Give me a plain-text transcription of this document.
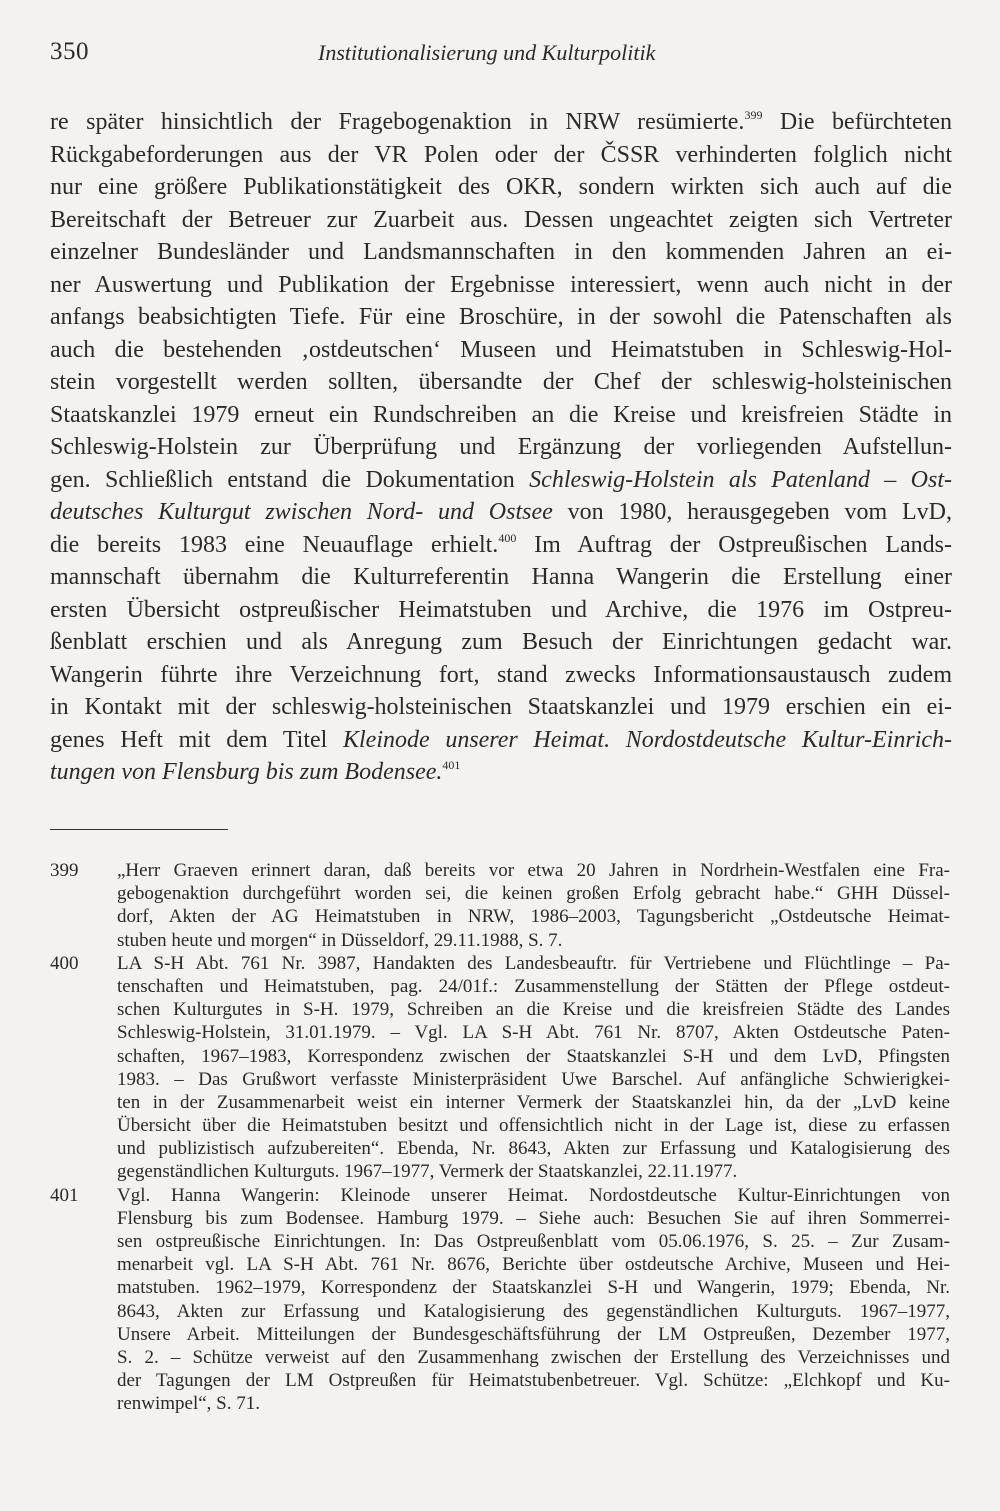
350	Institutionalisierung und Kulturpolitik
re später hinsichtlich der Fragebogenaktion in NRW resümierte.$^{399}$ Die befürchteten
Rückgabeforderungen aus der VR Polen oder der ČSSR verhinderten folglich nicht
nur eine größere Publikationstätigkeit des OKR, sondern wirkten sich auch auf die
Bereitschaft der Betreuer zur Zuarbeit aus. Dessen ungeachtet zeigten sich Vertreter
einzelner Bundesländer und Landsmannschaften in den kommenden Jahren an ei-
ner Auswertung und Publikation der Ergebnisse interessiert, wenn auch nicht in der
anfangs beabsichtigten Tiefe. Für eine Broschüre, in der sowohl die Patenschaften als
auch die bestehenden ‚ostdeutschen‘ Museen und Heimatstuben in Schleswig-Hol-
stein vorgestellt werden sollten, übersandte der Chef der schleswig-holsteinischen
Staatskanzlei 1979 erneut ein Rundschreiben an die Kreise und kreisfreien Städte in
Schleswig-Holstein zur Überprüfung und Ergänzung der vorliegenden Aufstellun-
gen. Schließlich entstand die Dokumentation Schleswig-Holstein als Patenland – Ost-
deutsches Kulturgut zwischen Nord- und Ostsee von 1980, herausgegeben vom LvD,
die bereits 1983 eine Neuauflage erhielt.$^{400}$ Im Auftrag der Ostpreußischen Lands-
mannschaft übernahm die Kulturreferentin Hanna Wangerin die Erstellung einer
ersten Übersicht ostpreußischer Heimatstuben und Archive, die 1976 im Ostpreu-
ßenblatt erschien und als Anregung zum Besuch der Einrichtungen gedacht war.
Wangerin führte ihre Verzeichnung fort, stand zwecks Informationsaustausch zudem
in Kontakt mit der schleswig-holsteinischen Staatskanzlei und 1979 erschien ein ei-
genes Heft mit dem Titel Kleinode unserer Heimat. Nordostdeutsche Kultur-Einrich-
tungen von Flensburg bis zum Bodensee.$^{401}$
399 „Herr Graeven erinnert daran, daß bereits vor etwa 20 Jahren in Nordrhein-Westfalen eine Fra-
gebogenaktion durchgeführt worden sei, die keinen großen Erfolg gebracht habe.“ GHH Düssel-
dorf, Akten der AG Heimatstuben in NRW, 1986–2003, Tagungsbericht „Ostdeutsche Heimat-
stuben heute und morgen“ in Düsseldorf, 29.11.1988, S. 7.
400 LA S-H Abt. 761 Nr. 3987, Handakten des Landesbeauftr. für Vertriebene und Flüchtlinge – Pa-
tenschaften und Heimatstuben, pag. 24/01f.: Zusammenstellung der Stätten der Pflege ostdeut-
schen Kulturgutes in S-H. 1979, Schreiben an die Kreise und die kreisfreien Städte des Landes
Schleswig-Holstein, 31.01.1979. – Vgl. LA S-H Abt. 761 Nr. 8707, Akten Ostdeutsche Paten-
schaften, 1967–1983, Korrespondenz zwischen der Staatskanzlei S-H und dem LvD, Pfingsten
1983. – Das Grußwort verfasste Ministerpräsident Uwe Barschel. Auf anfängliche Schwierigkei-
ten in der Zusammenarbeit weist ein interner Vermerk der Staatskanzlei hin, da der „LvD keine
Übersicht über die Heimatstuben besitzt und offensichtlich nicht in der Lage ist, diese zu erfassen
und publizistisch aufzubereiten“. Ebenda, Nr. 8643, Akten zur Erfassung und Katalogisierung des
gegenständlichen Kulturguts. 1967–1977, Vermerk der Staatskanzlei, 22.11.1977.
401 Vgl. Hanna Wangerin: Kleinode unserer Heimat. Nordostdeutsche Kultur-Einrichtungen von
Flensburg bis zum Bodensee. Hamburg 1979. – Siehe auch: Besuchen Sie auf ihren Sommerrei-
sen ostpreußische Einrichtungen. In: Das Ostpreußenblatt vom 05.06.1976, S. 25. – Zur Zusam-
menarbeit vgl. LA S-H Abt. 761 Nr. 8676, Berichte über ostdeutsche Archive, Museen und Hei-
matstuben. 1962–1979, Korrespondenz der Staatskanzlei S-H und Wangerin, 1979; Ebenda, Nr.
8643, Akten zur Erfassung und Katalogisierung des gegenständlichen Kulturguts. 1967–1977,
Unsere Arbeit. Mitteilungen der Bundesgeschäftsführung der LM Ostpreußen, Dezember 1977,
S. 2. – Schütze verweist auf den Zusammenhang zwischen der Erstellung des Verzeichnisses und
der Tagungen der LM Ostpreußen für Heimatstubenbetreuer. Vgl. Schütze: „Elchkopf und Ku-
renwimpel“, S. 71.
